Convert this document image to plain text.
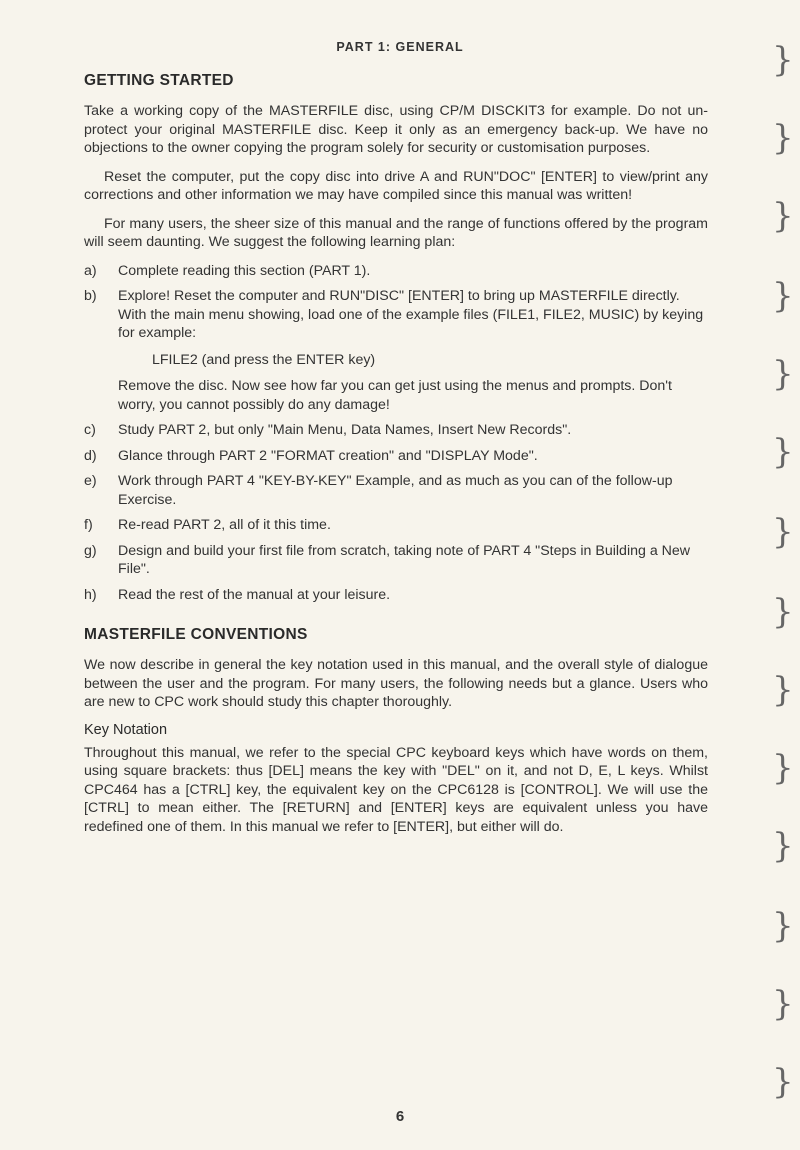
PART 1: GENERAL
GETTING STARTED

Take a working copy of the MASTERFILE disc, using CP/M DISCKIT3 for example. Do not un-protect your original MASTERFILE disc. Keep it only as an emergency back-up. We have no objections to the owner copying the program solely for security or customisation purposes.

Reset the computer, put the copy disc into drive A and RUN"DOC" [ENTER] to view/print any corrections and other information we may have compiled since this manual was written!

For many users, the sheer size of this manual and the range of functions offered by the program will seem daunting. We suggest the following learning plan:

a) Complete reading this section (PART 1).
b) Explore! Reset the computer and RUN"DISC" [ENTER] to bring up MASTERFILE directly. With the main menu showing, load one of the example files (FILE1, FILE2, MUSIC) by keying for example:
LFILE2 (and press the ENTER key)
Remove the disc. Now see how far you can get just using the menus and prompts. Don't worry, you cannot possibly do any damage!
c) Study PART 2, but only "Main Menu, Data Names, Insert New Records".
d) Glance through PART 2 "FORMAT creation" and "DISPLAY Mode".
e) Work through PART 4 "KEY-BY-KEY" Example, and as much as you can of the follow-up Exercise.
f) Re-read PART 2, all of it this time.
g) Design and build your first file from scratch, taking note of PART 4 "Steps in Building a New File".
h) Read the rest of the manual at your leisure.
MASTERFILE CONVENTIONS

We now describe in general the key notation used in this manual, and the overall style of dialogue between the user and the program. For many users, the following needs but a glance. Users who are new to CPC work should study this chapter thoroughly.

Key Notation

Throughout this manual, we refer to the special CPC keyboard keys which have words on them, using square brackets: thus [DEL] means the key with "DEL" on it, and not D, E, L keys. Whilst CPC464 has a [CTRL] key, the equivalent key on the CPC6128 is [CONTROL]. We will use the [CTRL] to mean either. The [RETURN] and [ENTER] keys are equivalent unless you have redefined one of them. In this manual we refer to [ENTER], but either will do.

6
}
}
}
}
}
}
}
}
}
}
}
}
}
}
